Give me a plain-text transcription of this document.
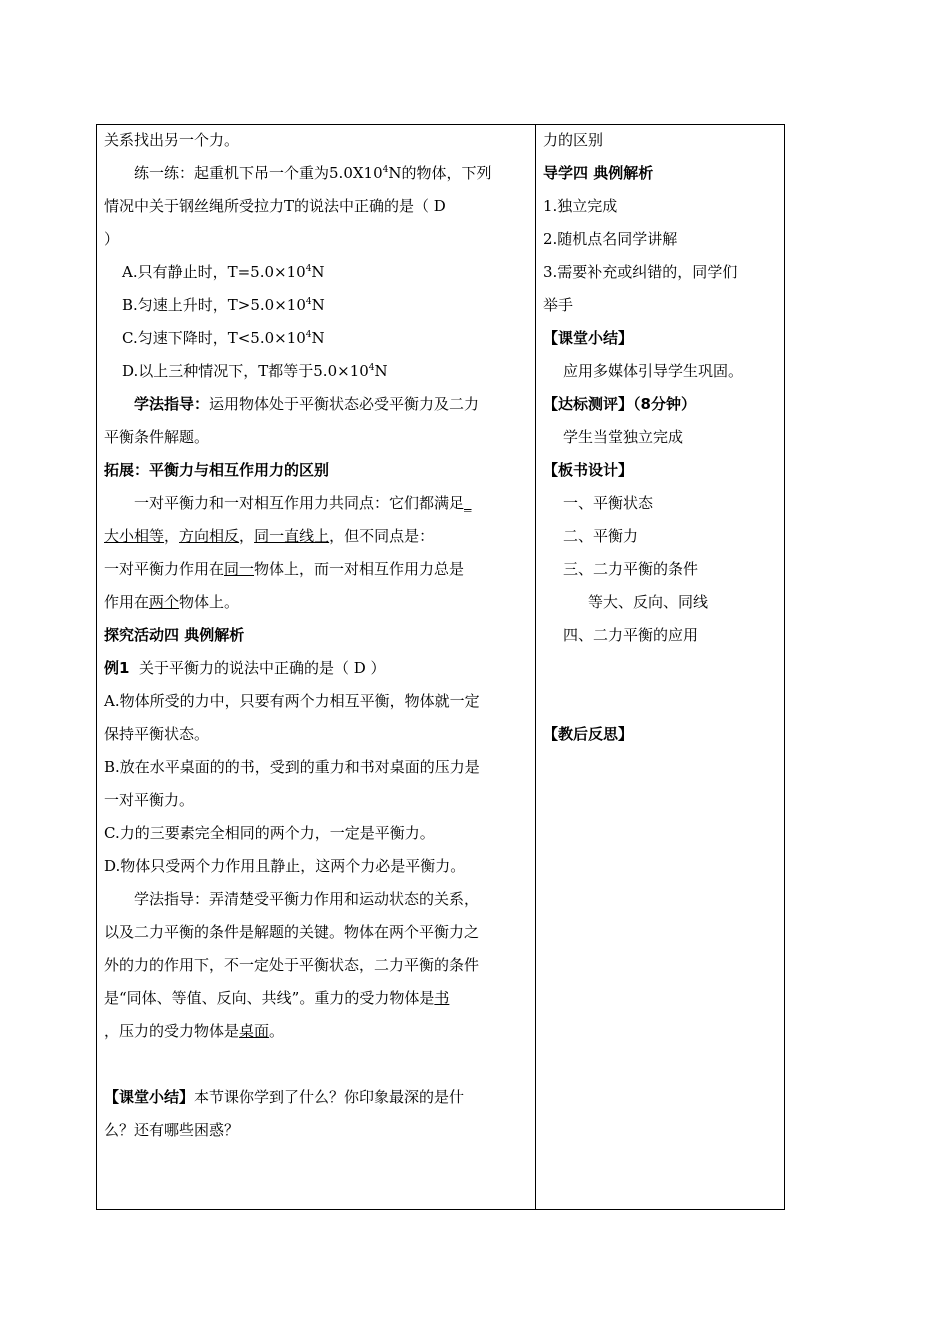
关系找出另一个力。
练一练：起重机下吊一个重为$5.0X10^4N$的物体，下列
情况中关于钢丝绳所受拉力T的说法中正确的是（ D
）
A.只有静止时，$T=5.0\times 10^4N$
B.匀速上升时，$T>5.0\times 10^4N$
C.匀速下降时，$T<5.0\times 10^4N$
D.以上三种情况下，T都等于$5.0\times 10^4N$
学法指导：运用物体处于平衡状态必受平衡力及二力
平衡条件解题。
拓展：平衡力与相互作用力的区别
一对平衡力和一对相互作用力共同点：它们都满足_
大小相等，方向相反，同一直线上，但不同点是：
一对平衡力作用在同一物体上，而一对相互作用力总是
作用在两个物体上。
探究活动四 典例解析
例1 关于平衡力的说法中正确的是（ D ）
A.物体所受的力中，只要有两个力相互平衡，物体就一定
保持平衡状态。
B.放在水平桌面的的书，受到的重力和书对桌面的压力是
一对平衡力。
C.力的三要素完全相同的两个力，一定是平衡力。
D.物体只受两个力作用且静止，这两个力必是平衡力。
学法指导：弄清楚受平衡力作用和运动状态的关系，
以及二力平衡的条件是解题的关键。物体在两个平衡力之
外的力的作用下，不一定处于平衡状态，二力平衡的条件
是“同体、等值、反向、共线”。重力的受力物体是书
，压力的受力物体是桌面。
【课堂小结】本节课你学到了什么？你印象最深的是什
么？还有哪些困惑？
力的区别
导学四 典例解析
1.独立完成
2.随机点名同学讲解
3.需要补充或纠错的，同学们
举手
【课堂小结】
应用多媒体引导学生巩固。
【达标测评】（8分钟）
学生当堂独立完成
【板书设计】
一、平衡状态
二、平衡力
三、二力平衡的条件
等大、反向、同线
四、二力平衡的应用
【教后反思】
